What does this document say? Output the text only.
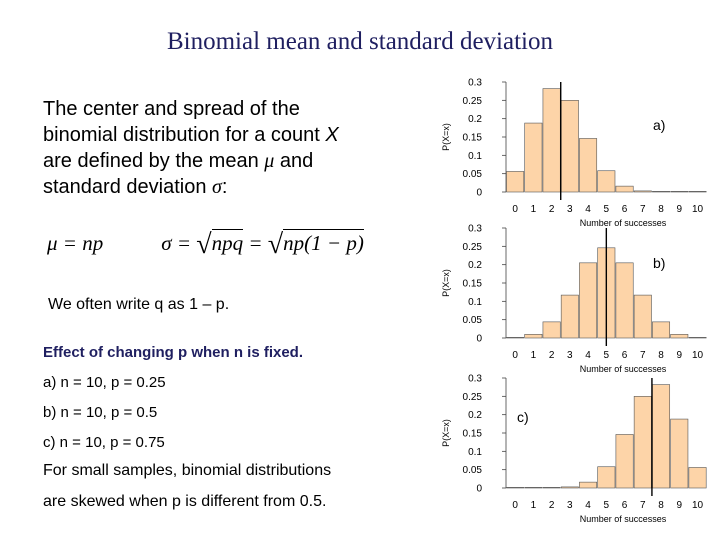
Binomial mean and standard deviation
The center and spread of the
binomial distribution for a count X
are defined by the mean μ and
standard deviation σ:
μ = np	σ = √npq = √np(1 − p)
We often write q as 1 – p.
Effect of changing p when n is fixed.
a) n = 10, p = 0.25
b) n = 10, p = 0.5
c) n = 10, p = 0.75
For small samples, binomial distributions
are skewed when p is different from 0.5.
0
0.05
0.1
0.15
0.2
0.25
0.3
0 1 2 3 4 5 6 7 8 9 10
Number of successes
P(X=x)	a)
0
0.05
0.1
0.15
0.2
0.25
0.3
0 1 2 3 4 5 6 7 8 9 10
Number of successes
P(X=x)
b)
0
0.05
0.1
0.15
0.2
0.25
0.3
0 1 2 3 4 5 6 7 8 9 10
Number of successes
P(X=x)
c)
